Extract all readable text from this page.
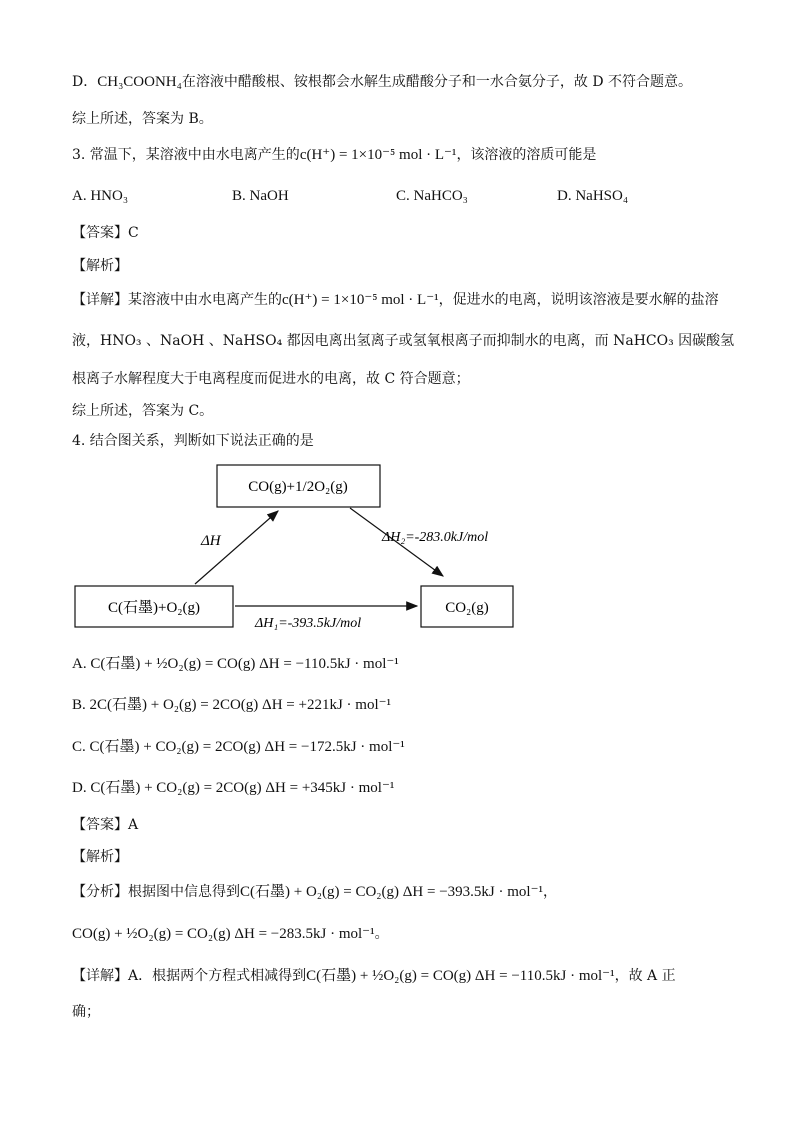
D．CH₃COONH₄在溶液中醋酸根、铵根都会水解生成醋酸分子和一水合氨分子，故 D 不符合题意。
综上所述，答案为 B。
3. 常温下，某溶液中由水电离产生的c(H⁺) = 1×10⁻⁵ mol · L⁻¹，该溶液的溶质可能是
A. HNO₃	B. NaOH	C. NaHCO₃	D. NaHSO₄
【答案】C
【解析】
【详解】某溶液中由水电离产生的c(H⁺) = 1×10⁻⁵ mol · L⁻¹，促进水的电离，说明该溶液是要水解的盐溶
液，HNO₃ 、NaOH 、NaHSO₄ 都因电离出氢离子或氢氧根离子而抑制水的电离，而 NaHCO₃ 因碳酸氢
根离子水解程度大于电离程度而促进水的电离，故 C 符合题意；
综上所述，答案为 C。
4. 结合图关系，判断如下说法正确的是
CO(g)+1/2O₂(g)
C(石墨)+O₂(g)	CO₂(g)
ΔH	ΔH₂=-283.0kJ/mol
ΔH₁=-393.5kJ/mol
A. C(石墨) + ½O₂(g) = CO(g) ΔH = −110.5kJ · mol⁻¹
B. 2C(石墨) + O₂(g) = 2CO(g) ΔH = +221kJ · mol⁻¹
C. C(石墨) + CO₂(g) = 2CO(g) ΔH = −172.5kJ · mol⁻¹
D. C(石墨) + CO₂(g) = 2CO(g) ΔH = +345kJ · mol⁻¹
【答案】A
【解析】
【分析】根据图中信息得到C(石墨) + O₂(g) = CO₂(g) ΔH = −393.5kJ · mol⁻¹，
CO(g) + ½O₂(g) = CO₂(g) ΔH = −283.5kJ · mol⁻¹。
【详解】A．根据两个方程式相减得到C(石墨) + ½O₂(g) = CO(g) ΔH = −110.5kJ · mol⁻¹，故 A 正
确；
